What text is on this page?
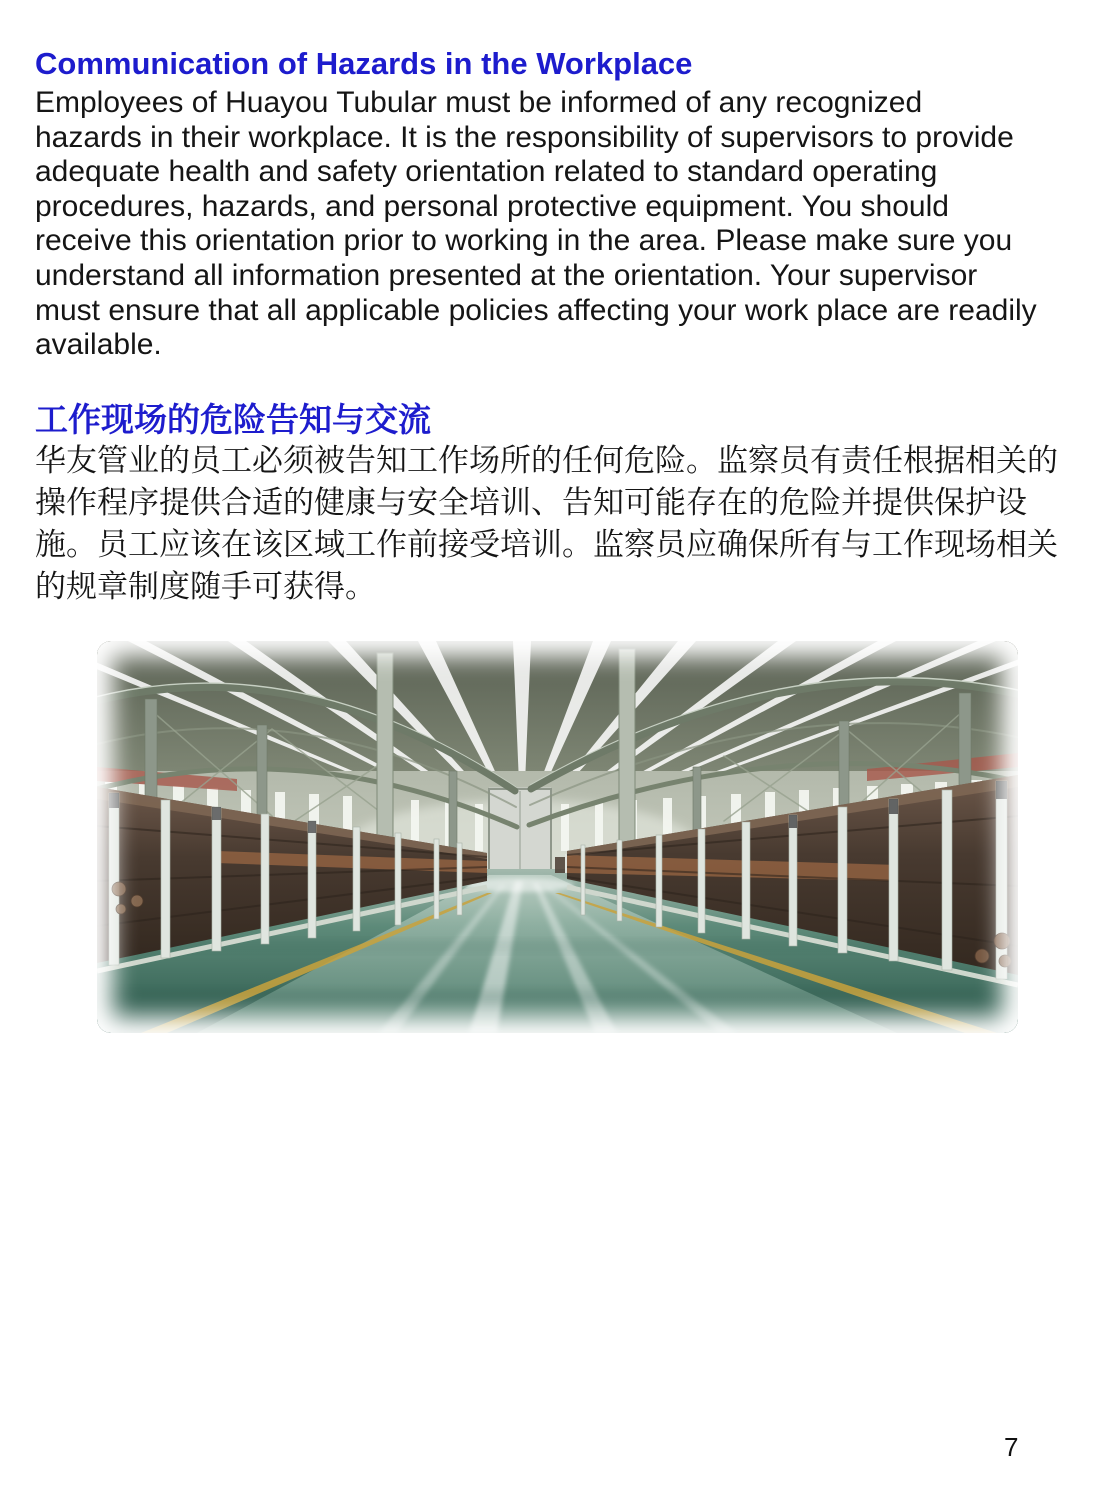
Communication of Hazards in the Workplace
Employees of Huayou Tubular must be informed of any recognized
hazards in their workplace. It is the responsibility of supervisors to provide
adequate health and safety orientation related to standard operating
procedures, hazards, and personal protective equipment. You should
receive this orientation prior to working in the area. Please make sure you
understand all information presented at the orientation. Your supervisor
must ensure that all applicable policies affecting your work place are readily
available.
工作现场的危险告知与交流
华友管业的员工必须被告知工作场所的任何危险。监察员有责任根据相关的
操作程序提供合适的健康与安全培训、告知可能存在的危险并提供保护设
施。员工应该在该区域工作前接受培训。监察员应确保所有与工作现场相关
的规章制度随手可获得。
7
